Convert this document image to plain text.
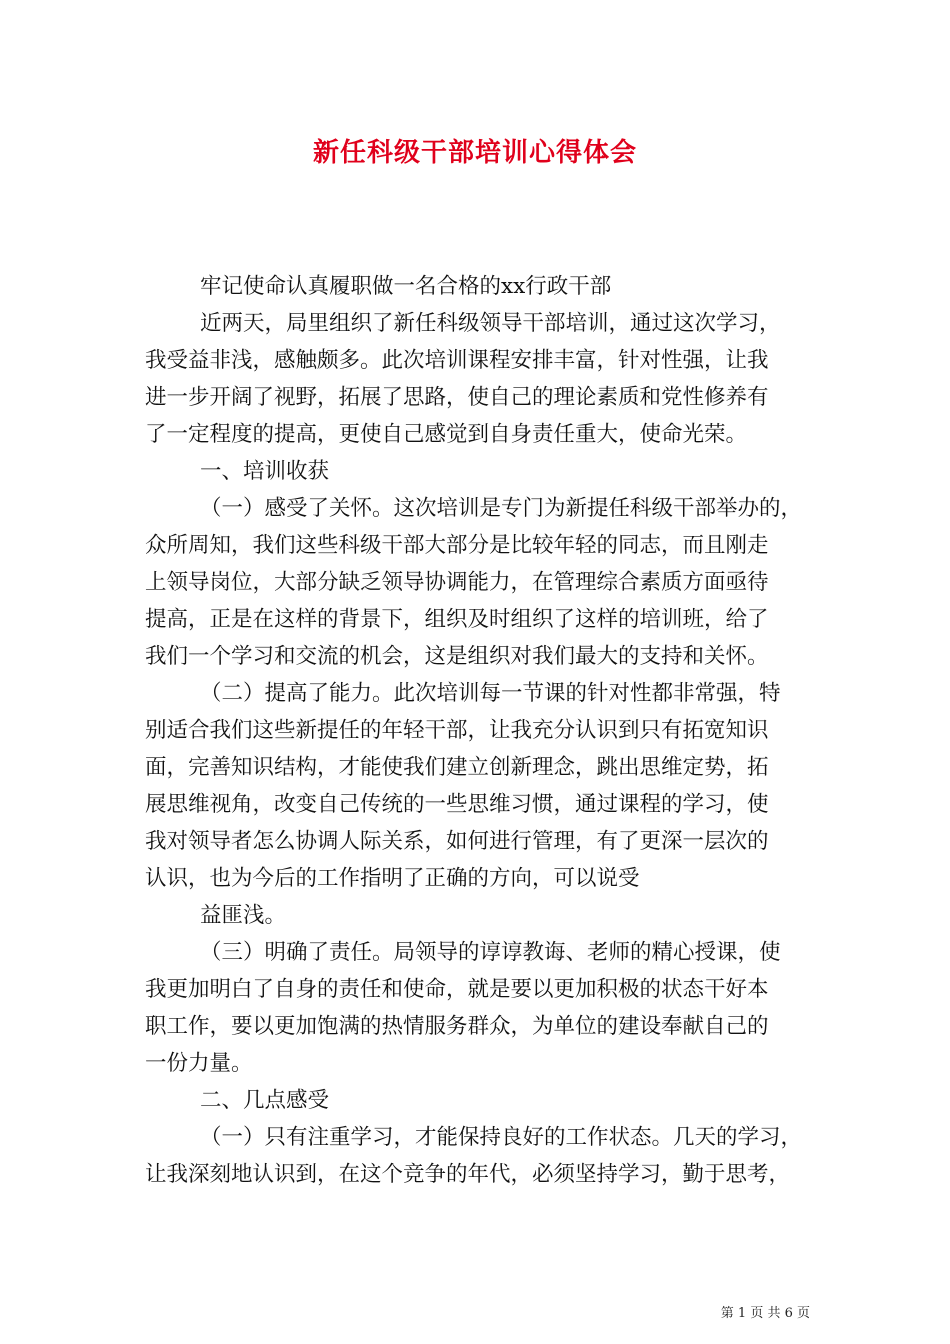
新任科级干部培训心得体会
牢记使命认真履职做一名合格的xx行政干部
近两天，局里组织了新任科级领导干部培训，通过这次学习，
我受益非浅，感触颇多。此次培训课程安排丰富，针对性强，让我
进一步开阔了视野，拓展了思路，使自己的理论素质和党性修养有
了一定程度的提高，更使自己感觉到自身责任重大，使命光荣。
一、培训收获
（一）感受了关怀。这次培训是专门为新提任科级干部举办的，
众所周知，我们这些科级干部大部分是比较年轻的同志，而且刚走
上领导岗位，大部分缺乏领导协调能力，在管理综合素质方面亟待
提高，正是在这样的背景下，组织及时组织了这样的培训班，给了
我们一个学习和交流的机会，这是组织对我们最大的支持和关怀。
（二）提高了能力。此次培训每一节课的针对性都非常强，特
别适合我们这些新提任的年轻干部，让我充分认识到只有拓宽知识
面，完善知识结构，才能使我们建立创新理念，跳出思维定势，拓
展思维视角，改变自己传统的一些思维习惯，通过课程的学习，使
我对领导者怎么协调人际关系，如何进行管理，有了更深一层次的
认识，也为今后的工作指明了正确的方向，可以说受
益匪浅。
（三）明确了责任。局领导的谆谆教诲、老师的精心授课，使
我更加明白了自身的责任和使命，就是要以更加积极的状态干好本
职工作，要以更加饱满的热情服务群众，为单位的建设奉献自己的
一份力量。
二、几点感受
（一）只有注重学习，才能保持良好的工作状态。几天的学习，
让我深刻地认识到，在这个竞争的年代，必须坚持学习，勤于思考，
第 1 页 共 6 页
